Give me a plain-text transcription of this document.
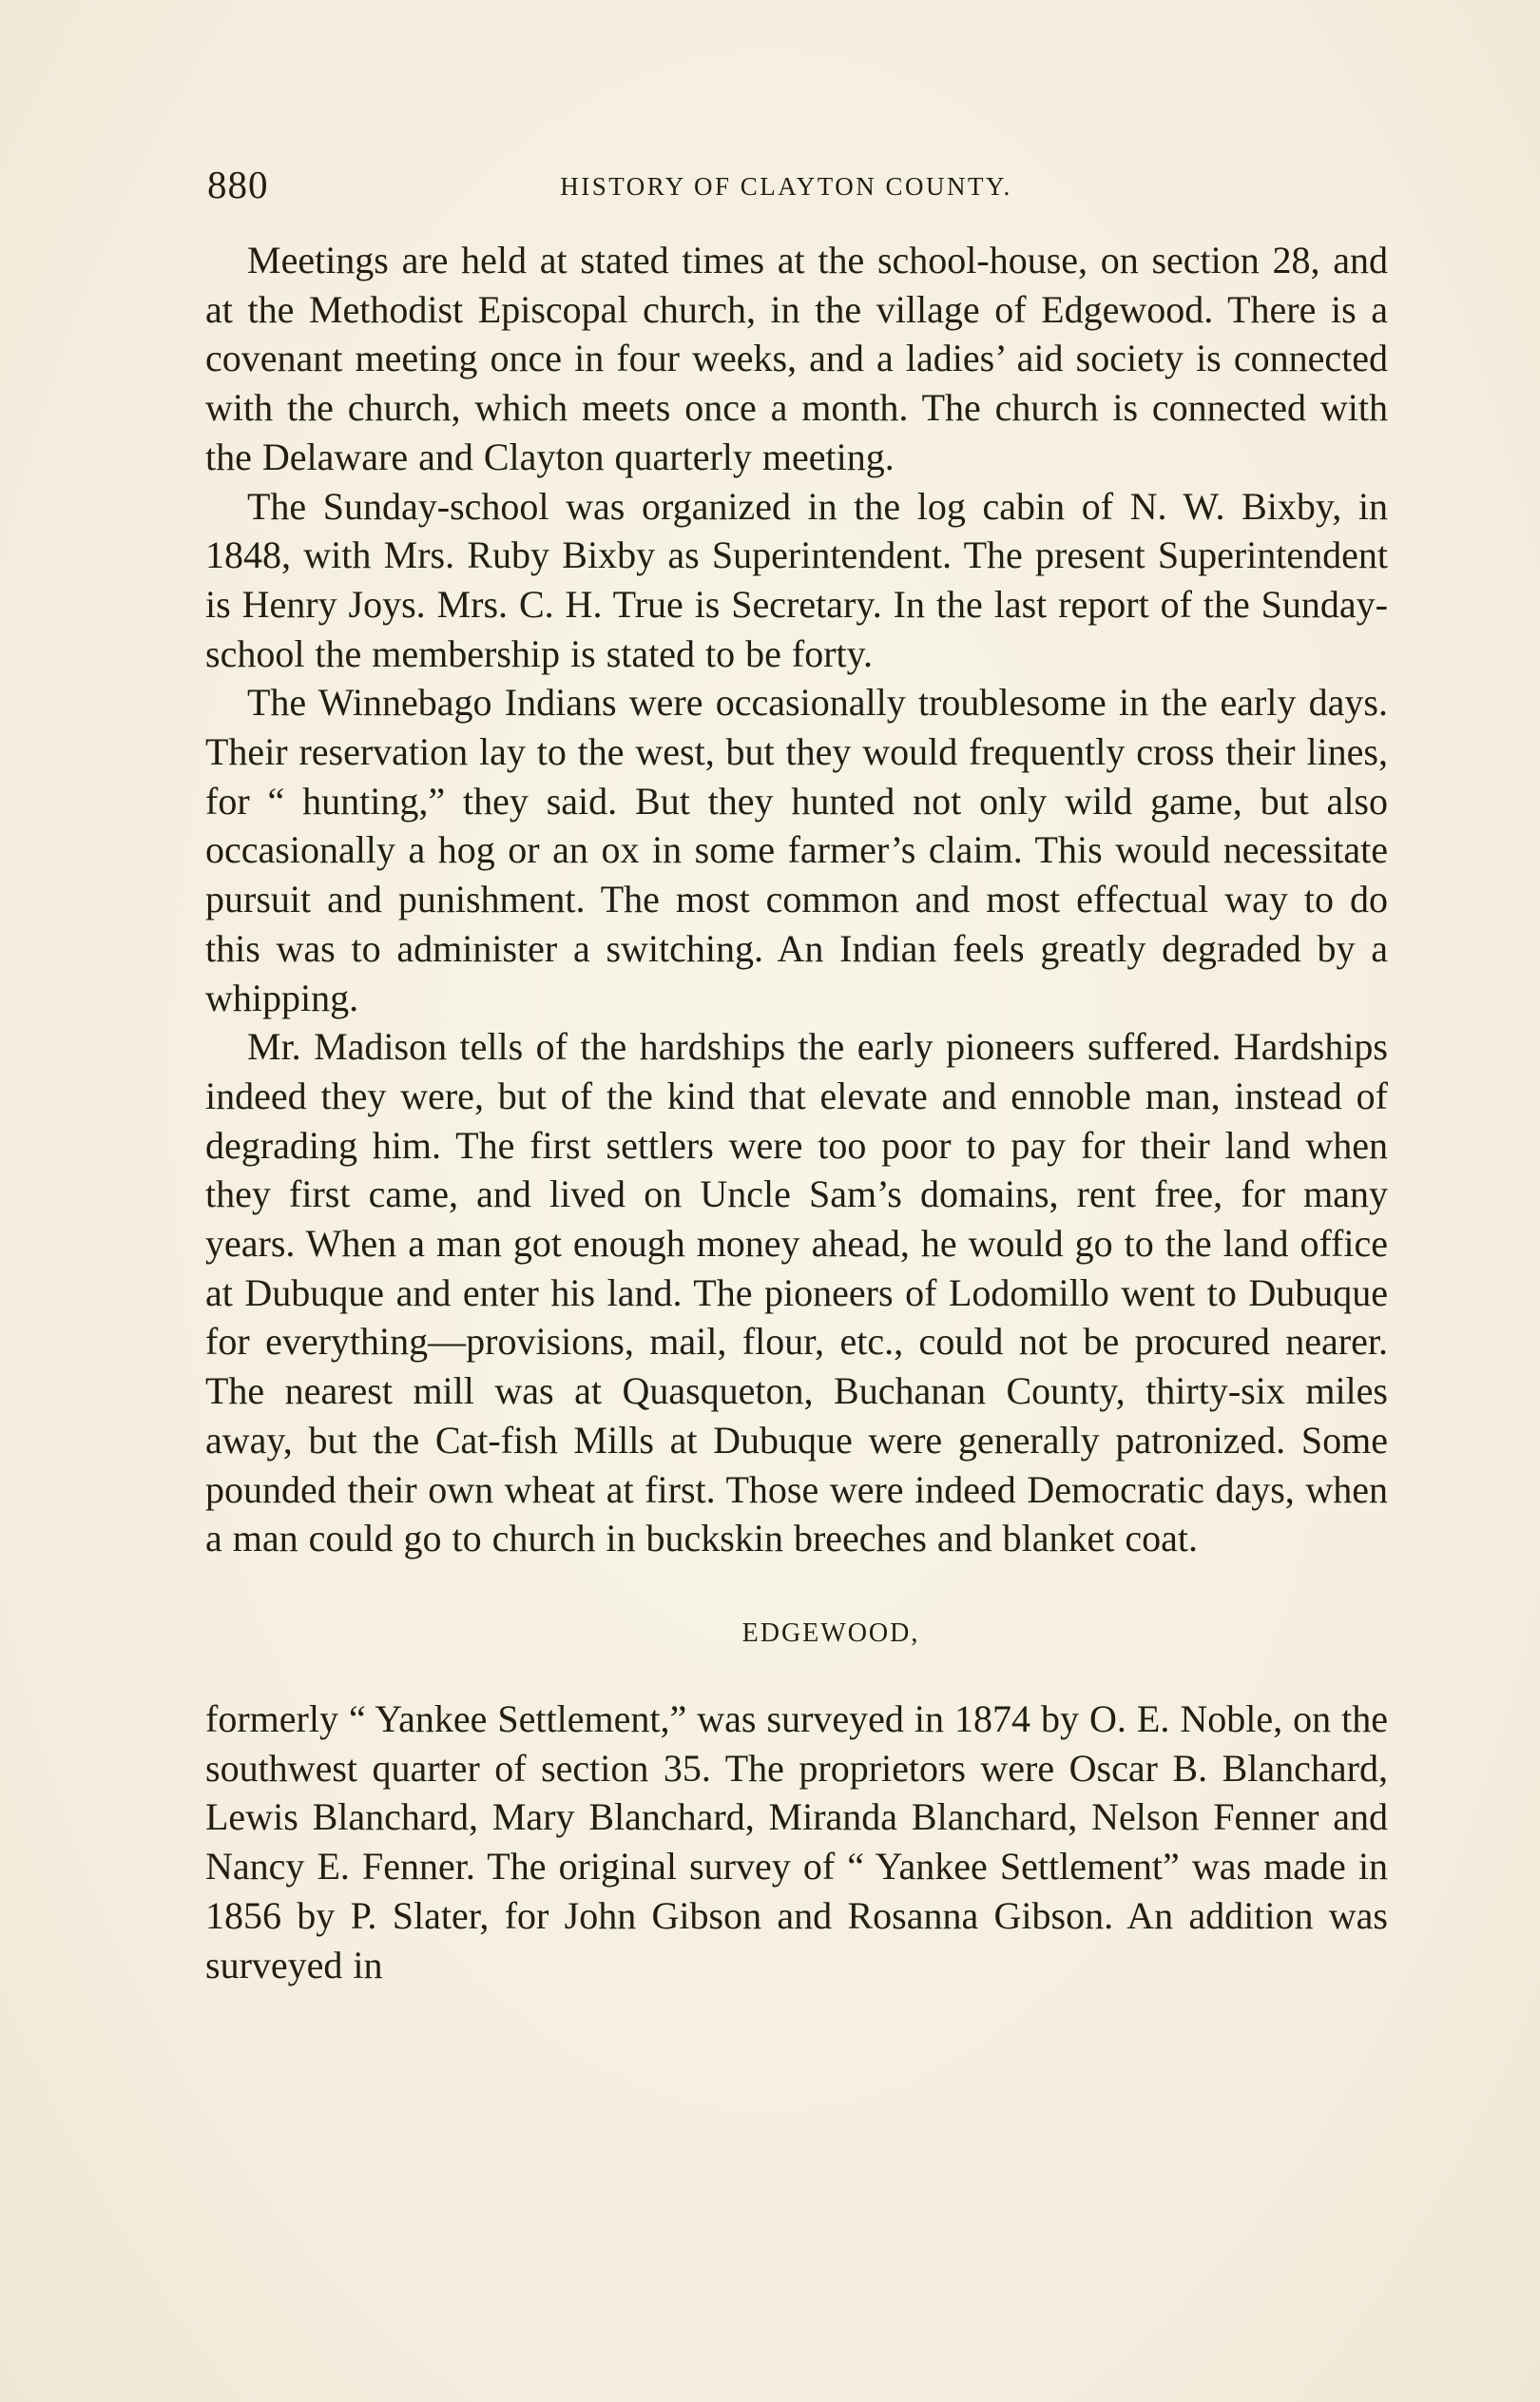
880	HISTORY OF CLAYTON COUNTY.

Meetings are held at stated times at the school-house, on section 28, and at the Methodist Episcopal church, in the village of Edgewood. There is a covenant meeting once in four weeks, and a ladies’ aid society is connected with the church, which meets once a month. The church is connected with the Delaware and Clayton quarterly meeting.

The Sunday-school was organized in the log cabin of N. W. Bixby, in 1848, with Mrs. Ruby Bixby as Superintendent. The present Superintendent is Henry Joys. Mrs. C. H. True is Secretary. In the last report of the Sunday-school the membership is stated to be forty.

The Winnebago Indians were occasionally troublesome in the early days. Their reservation lay to the west, but they would frequently cross their lines, for “ hunting,” they said. But they hunted not only wild game, but also occasionally a hog or an ox in some farmer’s claim. This would necessitate pursuit and punishment. The most common and most effectual way to do this was to administer a switching. An Indian feels greatly degraded by a whipping.

Mr. Madison tells of the hardships the early pioneers suffered. Hardships indeed they were, but of the kind that elevate and ennoble man, instead of degrading him. The first settlers were too poor to pay for their land when they first came, and lived on Uncle Sam’s domains, rent free, for many years. When a man got enough money ahead, he would go to the land office at Dubuque and enter his land. The pioneers of Lodomillo went to Dubuque for everything—provisions, mail, flour, etc., could not be procured nearer. The nearest mill was at Quasqueton, Buchanan County, thirty-six miles away, but the Cat-fish Mills at Dubuque were generally patronized. Some pounded their own wheat at first. Those were indeed Democratic days, when a man could go to church in buckskin breeches and blanket coat.

EDGEWOOD,

formerly “ Yankee Settlement,” was surveyed in 1874 by O. E. Noble, on the southwest quarter of section 35. The proprietors were Oscar B. Blanchard, Lewis Blanchard, Mary Blanchard, Miranda Blanchard, Nelson Fenner and Nancy E. Fenner. The original survey of “ Yankee Settlement” was made in 1856 by P. Slater, for John Gibson and Rosanna Gibson. An addition was surveyed in
